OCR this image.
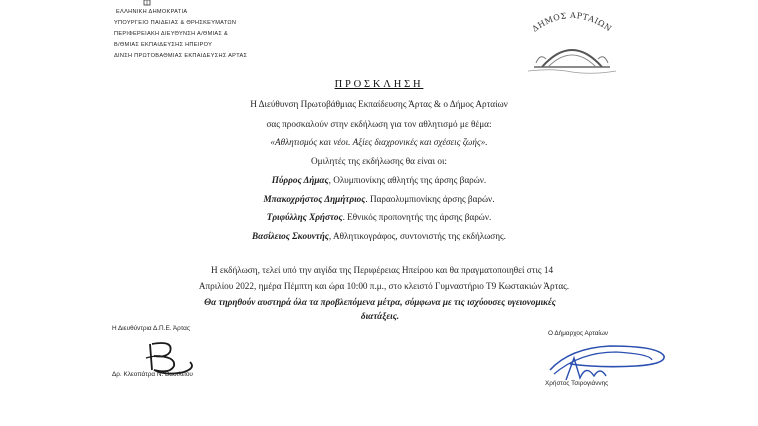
ΕΛΛΗΝΙΚΗ ΔΗΜΟΚΡΑΤΙΑ
ΥΠΟΥΡΓΕΙΟ ΠΑΙΔΕΙΑΣ & ΘΡΗΣΚΕΥΜΑΤΩΝ
ΠΕΡΙΦΕΡΕΙΑΚΗ ΔΙΕΥΘΥΝΣΗ Α/ΘΜΙΑΣ &
Β/ΘΜΙΑΣ ΕΚΠΑΙΔΕΥΣΗΣ ΗΠΕΙΡΟΥ
ΔΙΝΣΗ ΠΡΩΤΟΒΑΘΜΙΑΣ ΕΚΠΑΙΔΕΥΣΗΣ ΑΡΤΑΣ
ΔΗΜΟΣ ΑΡΤΑΙΩΝ
ΠΡΟΣΚΛΗΣΗ
Η Διεύθυνση Πρωτοβάθμιας Εκπαίδευσης Άρτας & ο Δήμος Αρταίων
σας προσκαλούν στην εκδήλωση για τον αθλητισμό με θέμα:
«Αθλητισμός και νέοι. Αξίες διαχρονικές και σχέσεις ζωής».
Ομιλητές της εκδήλωσης θα είναι οι:
Πύρρος Δήμας, Ολυμπιονίκης αθλητής της άρσης βαρών.
Μπακοχρήστος Δημήτριος. Παραολυμπιονίκης άρσης βαρών.
Τριφύλλης Χρήστος. Εθνικός προπονητής της άρσης βαρών.
Βασίλειος Σκουντής, Αθλητικογράφος, συντονιστής της εκδήλωσης.
Η εκδήλωση, τελεί υπό την αιγίδα της Περιφέρειας Ηπείρου και θα πραγματοποιηθεί στις 14
Απριλίου 2022, ημέρα Πέμπτη και ώρα 10:00 π.μ., στο κλειστό Γυμναστήριο Τ9 Κωστακιών Άρτας.
Θα τηρηθούν αυστηρά όλα τα προβλεπόμενα μέτρα, σύμφωνα με τις ισχύουσες υγειονομικές
διατάξεις.
Η Διευθύντρια Δ.Π.Ε. Άρτας
Ο Δήμαρχος Αρταίων
Δρ. Κλεοπάτρα Ν. Βασιλείου
Χρήστος Τσιρογιάννης
